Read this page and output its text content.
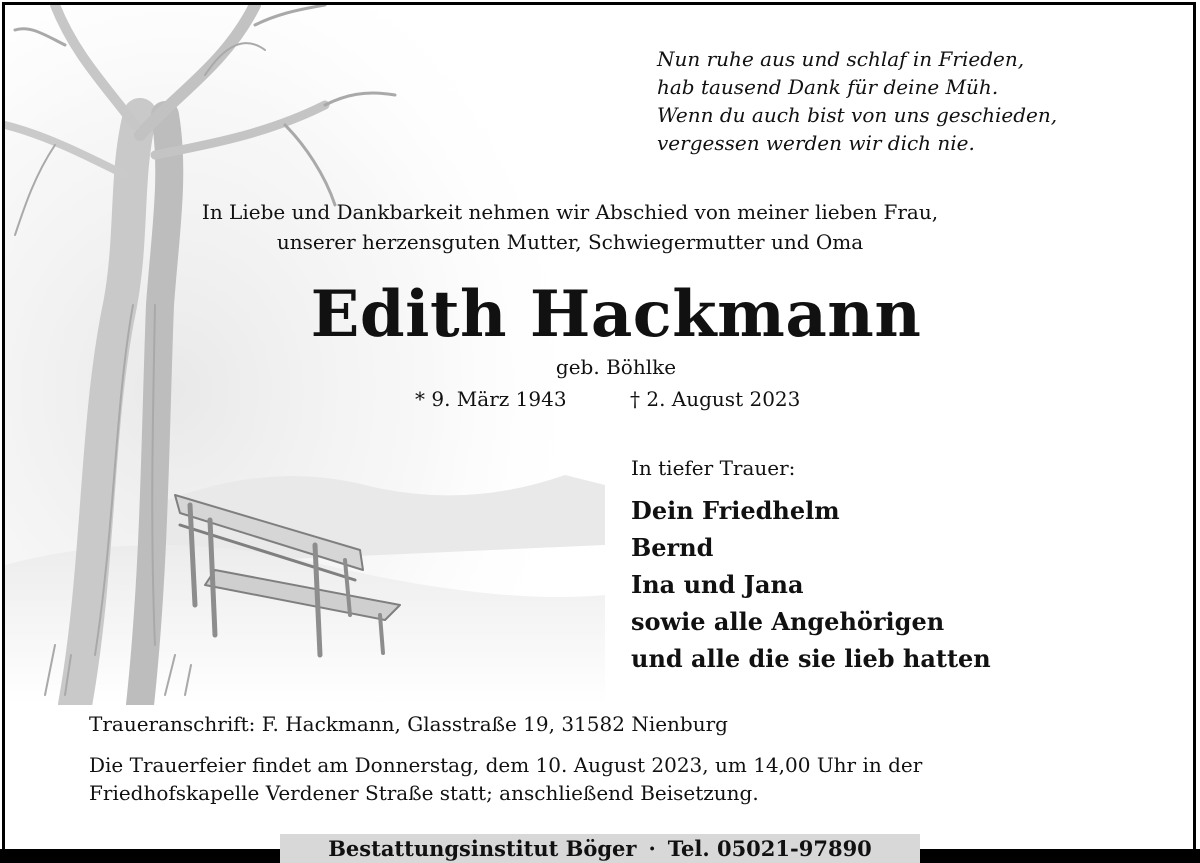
Nun ruhe aus und schlaf in Frieden,
hab tausend Dank für deine Müh.
Wenn du auch bist von uns geschieden,
vergessen werden wir dich nie.
In Liebe und Dankbarkeit nehmen wir Abschied von meiner lieben Frau,
unserer herzensguten Mutter, Schwiegermutter und Oma
Edith Hackmann
geb. Böhlke
* 9. März 1943	† 2. August 2023
In tiefer Trauer:
Dein Friedhelm
Bernd
Ina und Jana
sowie alle Angehörigen
und alle die sie lieb hatten
Traueranschrift: F. Hackmann, Glasstraße 19, 31582 Nienburg
Die Trauerfeier findet am Donnerstag, dem 10. August 2023, um 14,00 Uhr in der
Friedhofskapelle Verdener Straße statt; anschließend Beisetzung.
Bestattungsinstitut Böger · Tel. 05021-97890
